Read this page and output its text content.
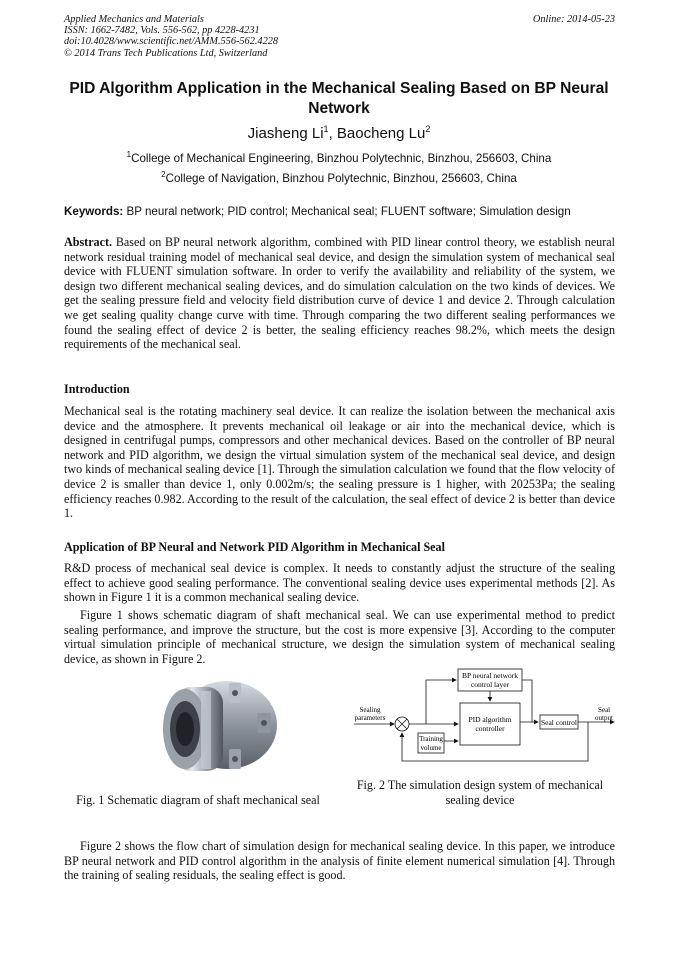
Applied Mechanics and Materials
ISSN: 1662-7482, Vols. 556-562, pp 4228-4231
doi:10.4028/www.scientific.net/AMM.556-562.4228
© 2014 Trans Tech Publications Ltd, Switzerland
Online: 2014-05-23
PID Algorithm Application in the Mechanical Sealing Based on BP Neural
Network
Jiasheng Li$^1$, Baocheng Lu$^2$
$^1$College of Mechanical Engineering, Binzhou Polytechnic, Binzhou, 256603, China
$^2$College of Navigation, Binzhou Polytechnic, Binzhou, 256603, China
Keywords: BP neural network; PID control; Mechanical seal; FLUENT software; Simulation design

Abstract. Based on BP neural network algorithm, combined with PID linear control theory, we establish neural network residual training model of mechanical seal device, and design the simulation system of mechanical seal device with FLUENT simulation software. In order to verify the availability and reliability of the system, we design two different mechanical sealing devices, and do simulation calculation on the two kinds of devices. We get the sealing pressure field and velocity field distribution curve of device 1 and device 2. Through calculation we get sealing quality change curve with time. Through comparing the two different sealing performances we found the sealing effect of device 2 is better, the sealing efficiency reaches 98.2%, which meets the design requirements of the mechanical seal.

Introduction

Mechanical seal is the rotating machinery seal device. It can realize the isolation between the mechanical axis device and the atmosphere. It prevents mechanical oil leakage or air into the mechanical device, which is designed in centrifugal pumps, compressors and other mechanical devices. Based on the controller of BP neural network and PID algorithm, we design the virtual simulation system of the mechanical seal device, and design two kinds of mechanical sealing device [1]. Through the simulation calculation we found that the flow velocity of device 2 is smaller than device 1, only 0.002m/s; the sealing pressure is 1 higher, with 20253Pa; the sealing efficiency reaches 0.982. According to the result of the calculation, the seal effect of device 2 is better than device 1.

Application of BP Neural and Network PID Algorithm in Mechanical Seal

R&D process of mechanical seal device is complex. It needs to constantly adjust the structure of the sealing effect to achieve good sealing performance. The conventional sealing device uses experimental methods [2]. As shown in Figure 1 it is a common mechanical sealing device.

Figure 1 shows schematic diagram of shaft mechanical seal. We can use experimental method to predict sealing performance, and improve the structure, but the cost is more expensive [3]. According to the computer virtual simulation principle of mechanical structure, we design the simulation system of mechanical sealing device, as shown in Figure 2.

Fig. 1 Schematic diagram of shaft mechanical seal
BP neural network
control layer
PID algorithm
controller
Seal control
Training
volume
Sealing
parameters
Seal
output
Fig. 2 The simulation design system of mechanical sealing device

Figure 2 shows the flow chart of simulation design for mechanical sealing device. In this paper, we introduce BP neural network and PID control algorithm in the analysis of finite element numerical simulation [4]. Through the training of sealing residuals, the sealing effect is good.
